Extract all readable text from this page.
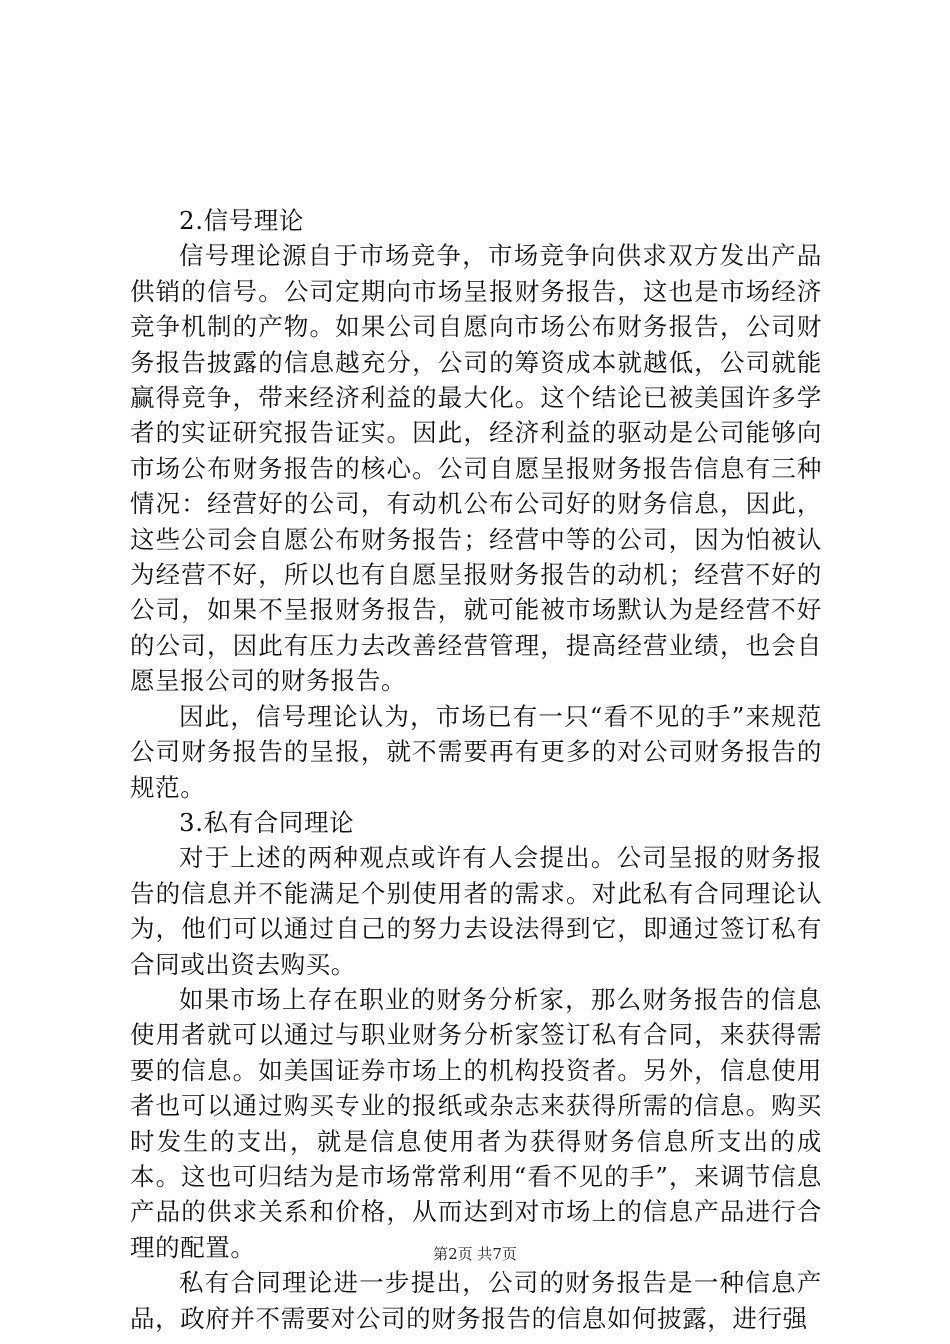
2.信号理论

信号理论源自于市场竞争，市场竞争向供求双方发出产品供销的信号。公司定期向市场呈报财务报告，这也是市场经济竞争机制的产物。如果公司自愿向市场公布财务报告，公司财务报告披露的信息越充分，公司的筹资成本就越低，公司就能赢得竞争，带来经济利益的最大化。这个结论已被美国许多学者的实证研究报告证实。因此，经济利益的驱动是公司能够向市场公布财务报告的核心。公司自愿呈报财务报告信息有三种情况：经营好的公司，有动机公布公司好的财务信息，因此，这些公司会自愿公布财务报告；经营中等的公司，因为怕被认为经营不好，所以也有自愿呈报财务报告的动机；经营不好的公司，如果不呈报财务报告，就可能被市场默认为是经营不好的公司，因此有压力去改善经营管理，提高经营业绩，也会自愿呈报公司的财务报告。

因此，信号理论认为，市场已有一只“看不见的手”来规范公司财务报告的呈报，就不需要再有更多的对公司财务报告的规范。

3.私有合同理论

对于上述的两种观点或许有人会提出。公司呈报的财务报告的信息并不能满足个别使用者的需求。对此私有合同理论认为，他们可以通过自己的努力去设法得到它，即通过签订私有合同或出资去购买。

如果市场上存在职业的财务分析家，那么财务报告的信息使用者就可以通过与职业财务分析家签订私有合同，来获得需要的信息。如美国证券市场上的机构投资者。另外，信息使用者也可以通过购买专业的报纸或杂志来获得所需的信息。购买时发生的支出，就是信息使用者为获得财务信息所支出的成本。这也可归结为是市场常常利用“看不见的手”，来调节信息产品的供求关系和价格，从而达到对市场上的信息产品进行合理的配置。

私有合同理论进一步提出，公司的财务报告是一种信息产品，政府并不需要对公司的财务报告的信息如何披露，进行强

第2页 共7页
